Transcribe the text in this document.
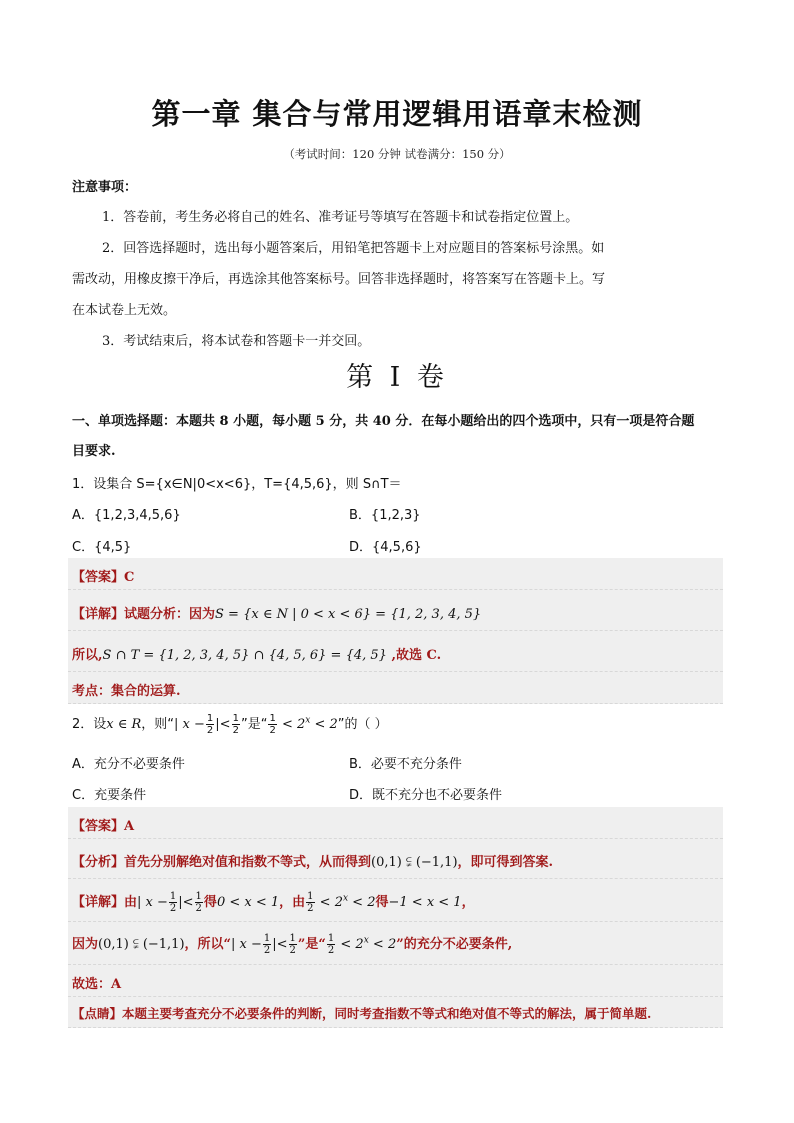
第一章 集合与常用逻辑用语章末检测
（考试时间：120 分钟 试卷满分：150 分）
注意事项：
1．答卷前，考生务必将自己的姓名、准考证号等填写在答题卡和试卷指定位置上。
2．回答选择题时，选出每小题答案后，用铅笔把答题卡上对应题目的答案标号涂黑。如
需改动，用橡皮擦干净后，再选涂其他答案标号。回答非选择题时，将答案写在答题卡上。写
在本试卷上无效。
3．考试结束后，将本试卷和答题卡一并交回。
第 I 卷
一、单项选择题：本题共 8 小题，每小题 5 分，共 40 分．在每小题给出的四个选项中，只有一项是符合题
目要求.
1．设集合 S={x∈N|0<x<6}，T={4,5,6}，则 S∩T＝
A．{1,2,3,4,5,6}	B．{1,2,3}
C．{4,5}	D．{4,5,6}
【答案】C
【详解】试题分析：因为S = {x ∈ N | 0 < x < 6} = {1, 2, 3, 4, 5}
所以,S ∩ T = {1, 2, 3, 4, 5} ∩ {4, 5, 6} = {4, 5} ,故选 C.
考点：集合的运算.
2．设x ∈ R，则“| $x - \frac{1}{2}$ |< $\frac{1}{2}$ ”是“ $\frac{1}{2} < 2^x < 2$”的（ ）
A．充分不必要条件	B．必要不充分条件
C．充要条件	D．既不充分也不必要条件
【答案】A
【分析】首先分别解绝对值和指数不等式，从而得到(0,1) ⫋ (−1,1)，即可得到答案.
【详解】由| $x - \frac{1}{2}$ |< $\frac{1}{2}$ 得0 < x < 1，由 $\frac{1}{2} < 2^x < 2$得−1 < x < 1，
因为(0,1) ⫋ (−1,1)，所以“| $x - \frac{1}{2}$ |< $\frac{1}{2}$ ”是“ $\frac{1}{2} < 2^x < 2$”的充分不必要条件,
故选：A
【点睛】本题主要考查充分不必要条件的判断，同时考查指数不等式和绝对值不等式的解法，属于简单题.
